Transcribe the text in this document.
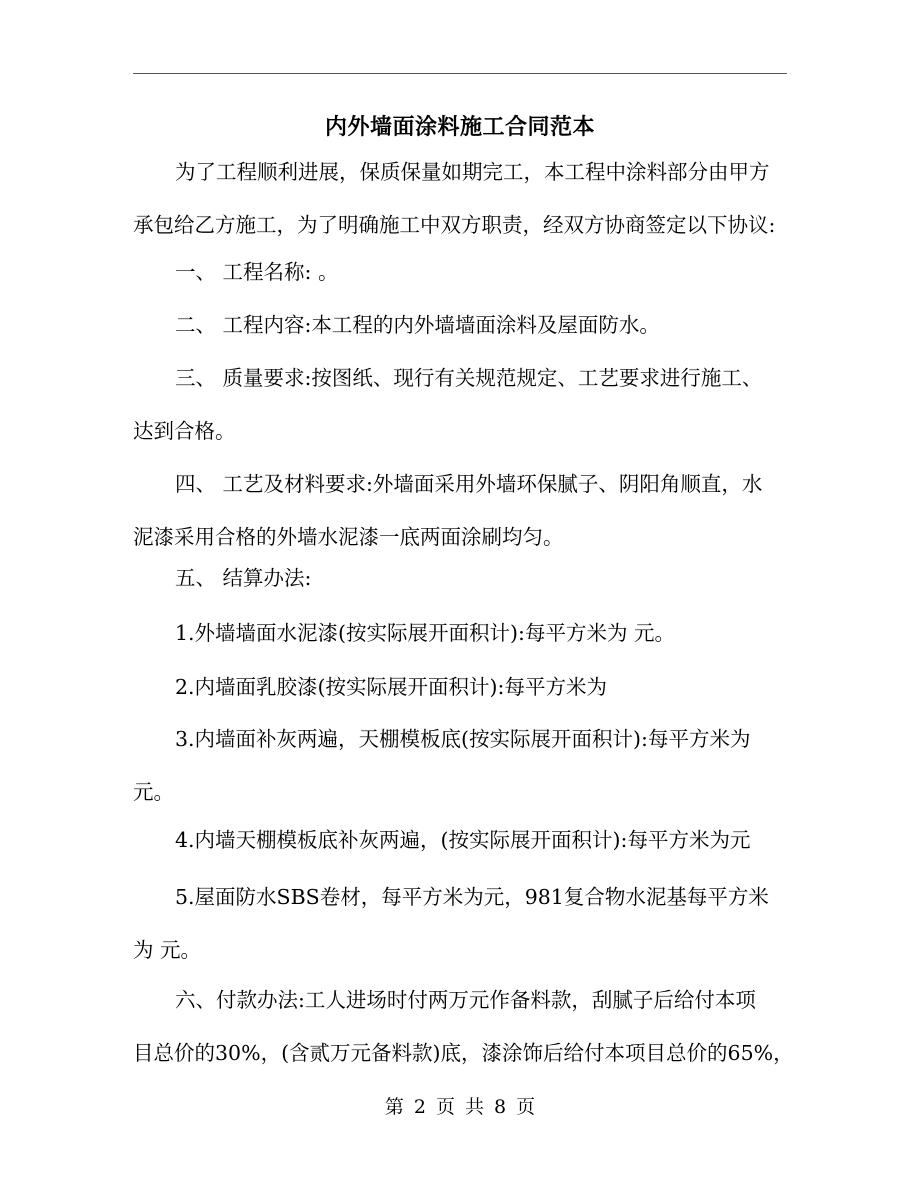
内外墙面涂料施工合同范本
为了工程顺利进展，保质保量如期完工，本工程中涂料部分由甲方
承包给乙方施工，为了明确施工中双方职责，经双方协商签定以下协议:
一、 工程名称: 。
二、 工程内容:本工程的内外墙墙面涂料及屋面防水。
三、 质量要求:按图纸、现行有关规范规定、工艺要求进行施工、
达到合格。
四、 工艺及材料要求:外墙面采用外墙环保腻子、阴阳角顺直，水
泥漆采用合格的外墙水泥漆一底两面涂刷均匀。
五、 结算办法:
1.外墙墙面水泥漆(按实际展开面积计):每平方米为 元。
2.内墙面乳胶漆(按实际展开面积计):每平方米为
3.内墙面补灰两遍，天棚模板底(按实际展开面积计):每平方米为
元。
4.内墙天棚模板底补灰两遍，(按实际展开面积计):每平方米为元
5.屋面防水SBS卷材，每平方米为元，981复合物水泥基每平方米
为 元。
六、付款办法:工人进场时付两万元作备料款，刮腻子后给付本项
目总价的30%，(含贰万元备料款)底，漆涂饰后给付本项目总价的65%，
第 2 页 共 8 页
